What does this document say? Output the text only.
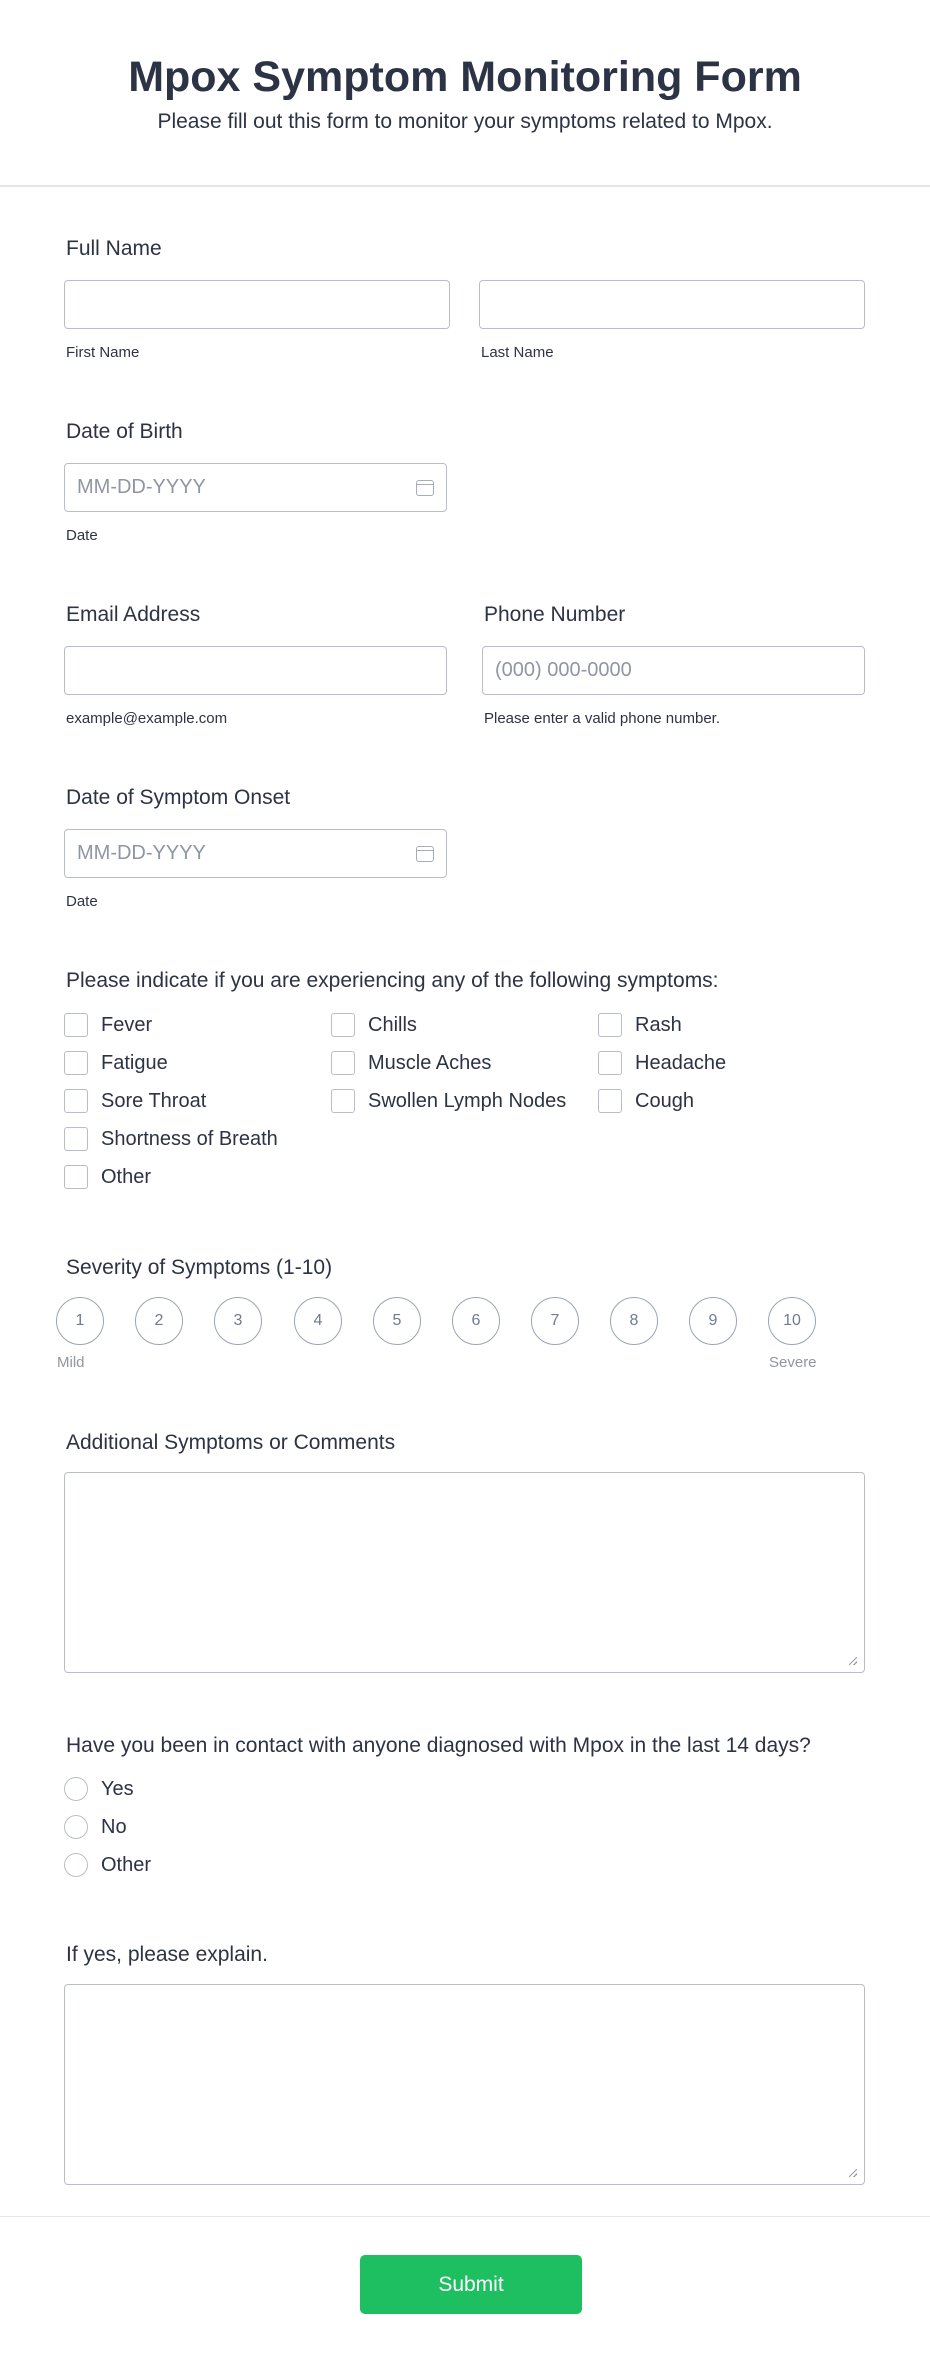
Mpox Symptom Monitoring Form

Please fill out this form to monitor your symptoms related to Mpox.

Full Name
First Name	Last Name
Date of Birth
MM-DD-YYYY
Date
Email Address
example@example.com
Phone Number
(000) 000-0000
Please enter a valid phone number.
Date of Symptom Onset
MM-DD-YYYY
Date
Please indicate if you are experiencing any of the following symptoms:
Fever	Chills	Rash
Fatigue	Muscle Aches	Headache
Sore Throat	Swollen Lymph Nodes	Cough
Shortness of Breath
Other
Severity of Symptoms (1-10)
1	2	3	4	5	6	7	8	9	10
Mild	Severe
Additional Symptoms or Comments
Have you been in contact with anyone diagnosed with Mpox in the last 14 days?
Yes
No
Other
If yes, please explain.
Submit
